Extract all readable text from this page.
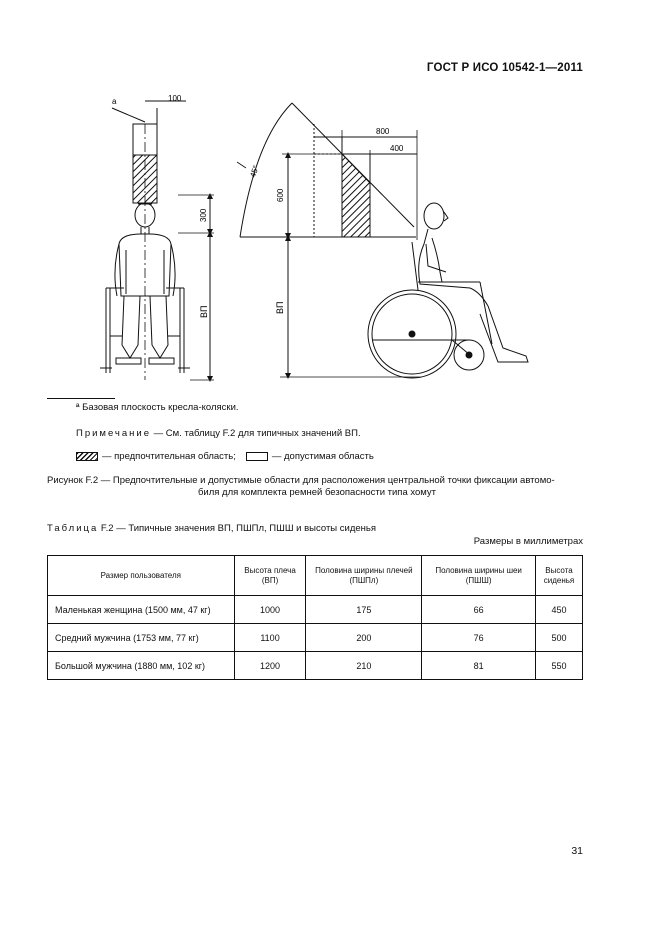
ГОСТ Р ИСО 10542-1—2011
a	100
300
ВП
45°
800
400
600
ВП
ª Базовая плоскость кресла-коляски.
Примечание — См. таблицу F.2 для типичных значений ВП.
— предпочтительная область;	— допустимая область
Рисунок F.2 — Предпочтительные и допустимые области для расположения центральной точки фиксации автомо-
биля для комплекта ремней безопасности типа хомут
Таблица F.2 — Типичные значения ВП, ПШПл, ПШШ и высоты сиденья
Размеры в миллиметрах
Размер пользователя	Высота плеча (ВП)	Половина ширины плечей (ПШПл)	Половина ширины шеи (ПШШ)	Высота сиденья
Маленькая женщина (1500 мм, 47 кг)	1000	175	66	450
Средний мужчина (1753 мм, 77 кг)	1100	200	76	500
Большой мужчина (1880 мм, 102 кг)	1200	210	81	550
31
